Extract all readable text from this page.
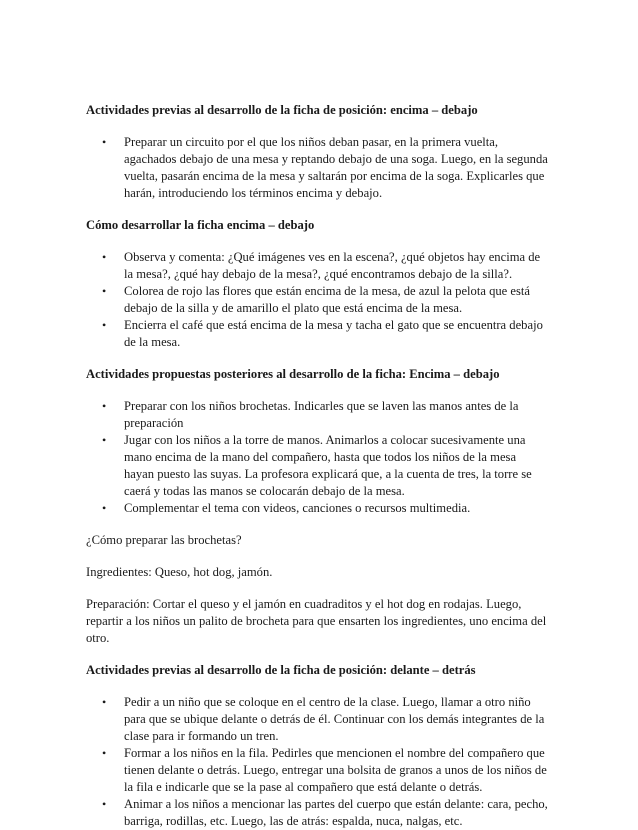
Actividades previas al desarrollo de la ficha de posición: encima – debajo

• Preparar un circuito por el que los niños deban pasar, en la primera vuelta, agachados debajo de una mesa y reptando debajo de una soga. Luego, en la segunda vuelta, pasarán encima de la mesa y saltarán por encima de la soga. Explicarles que harán, introduciendo los términos encima y debajo.

Cómo desarrollar la ficha encima – debajo

• Observa y comenta: ¿Qué imágenes ves en la escena?, ¿qué objetos hay encima de la mesa?, ¿qué hay debajo de la mesa?, ¿qué encontramos debajo de la silla?.
• Colorea de rojo las flores que están encima de la mesa, de azul la pelota que está debajo de la silla y de amarillo el plato que está encima de la mesa.
• Encierra el café que está encima de la mesa y tacha el gato que se encuentra debajo de la mesa.

Actividades propuestas posteriores al desarrollo de la ficha: Encima – debajo

• Preparar con los niños brochetas. Indicarles que se laven las manos antes de la preparación
• Jugar con los niños a la torre de manos. Animarlos a colocar sucesivamente una mano encima de la mano del compañero, hasta que todos los niños de la mesa hayan puesto las suyas. La profesora explicará que, a la cuenta de tres, la torre se caerá y todas las manos se colocarán debajo de la mesa.
• Complementar el tema con videos, canciones o recursos multimedia.

¿Cómo preparar las brochetas?

Ingredientes: Queso, hot dog, jamón.

Preparación: Cortar el queso y el jamón en cuadraditos y el hot dog en rodajas. Luego, repartir a los niños un palito de brocheta para que ensarten los ingredientes, uno encima del otro.

Actividades previas al desarrollo de la ficha de posición: delante – detrás

• Pedir a un niño que se coloque en el centro de la clase. Luego, llamar a otro niño para que se ubique delante o detrás de él. Continuar con los demás integrantes de la clase para ir formando un tren.
• Formar a los niños en la fila. Pedirles que mencionen el nombre del compañero que tienen delante o detrás. Luego, entregar una bolsita de granos a unos de los niños de la fila e indicarle que se la pase al compañero que está delante o detrás.
• Animar a los niños a mencionar las partes del cuerpo que están delante: cara, pecho, barriga, rodillas, etc. Luego, las de atrás: espalda, nuca, nalgas, etc.
